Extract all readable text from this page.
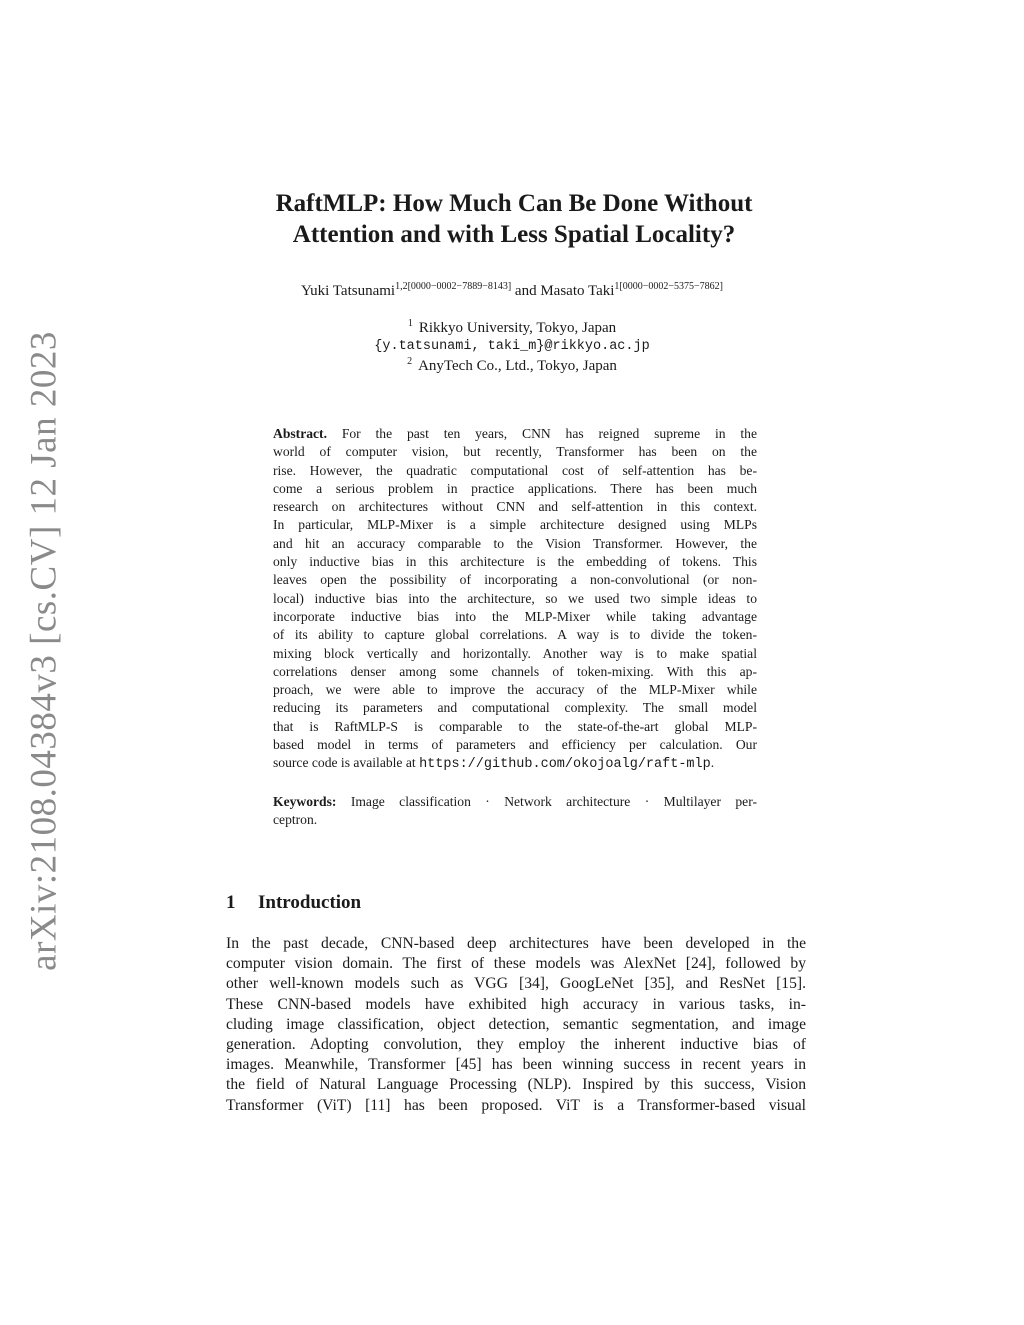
arXiv:2108.04384v3 [cs.CV] 12 Jan 2023
RaftMLP: How Much Can Be Done Without
Attention and with Less Spatial Locality?
Yuki Tatsunami$^{1,2[0000-0002-7889-8143]}$ and Masato Taki$^{1[0000-0002-5375-7862]}$
$^1$ Rikkyo University, Tokyo, Japan
{y.tatsunami, taki_m}@rikkyo.ac.jp
$^2$ AnyTech Co., Ltd., Tokyo, Japan
Abstract. For the past ten years, CNN has reigned supreme in the
world of computer vision, but recently, Transformer has been on the
rise. However, the quadratic computational cost of self-attention has be-
come a serious problem in practice applications. There has been much
research on architectures without CNN and self-attention in this context.
In particular, MLP-Mixer is a simple architecture designed using MLPs
and hit an accuracy comparable to the Vision Transformer. However, the
only inductive bias in this architecture is the embedding of tokens. This
leaves open the possibility of incorporating a non-convolutional (or non-
local) inductive bias into the architecture, so we used two simple ideas to
incorporate inductive bias into the MLP-Mixer while taking advantage
of its ability to capture global correlations. A way is to divide the token-
mixing block vertically and horizontally. Another way is to make spatial
correlations denser among some channels of token-mixing. With this ap-
proach, we were able to improve the accuracy of the MLP-Mixer while
reducing its parameters and computational complexity. The small model
that is RaftMLP-S is comparable to the state-of-the-art global MLP-
based model in terms of parameters and efficiency per calculation. Our
source code is available at https://github.com/okojoalg/raft-mlp.
Keywords: Image classification · Network architecture · Multilayer per-
ceptron.
1 Introduction
In the past decade, CNN-based deep architectures have been developed in the
computer vision domain. The first of these models was AlexNet [24], followed by
other well-known models such as VGG [34], GoogLeNet [35], and ResNet [15].
These CNN-based models have exhibited high accuracy in various tasks, in-
cluding image classification, object detection, semantic segmentation, and image
generation. Adopting convolution, they employ the inherent inductive bias of
images. Meanwhile, Transformer [45] has been winning success in recent years in
the field of Natural Language Processing (NLP). Inspired by this success, Vision
Transformer (ViT) [11] has been proposed. ViT is a Transformer-based visual
